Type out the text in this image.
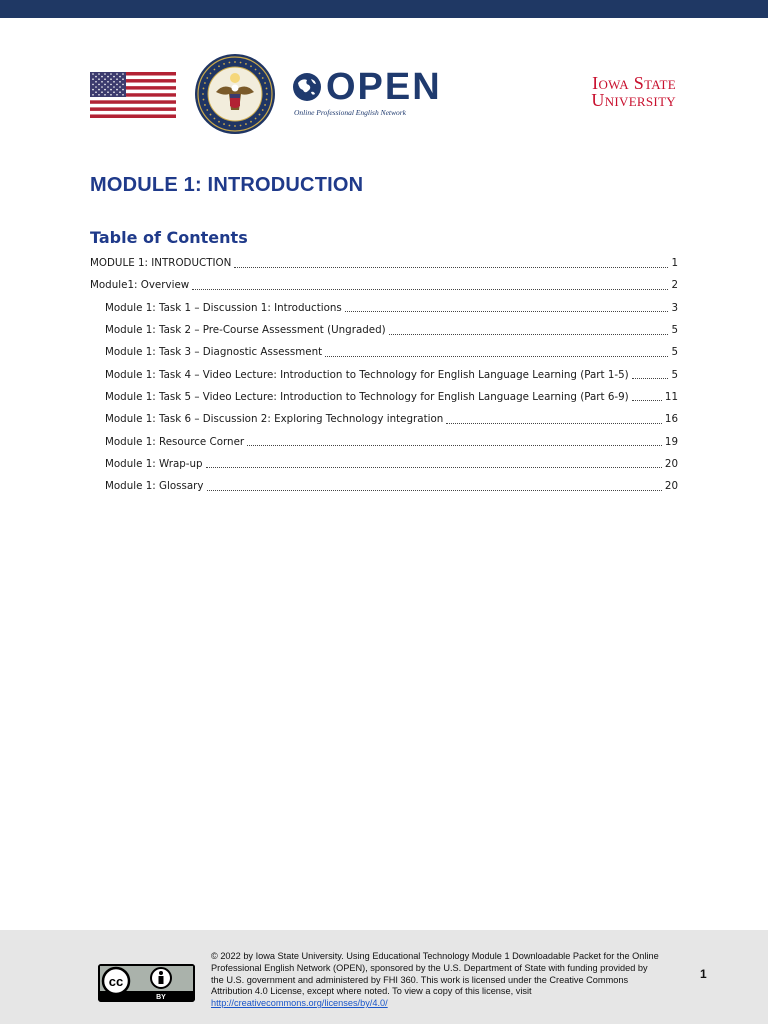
OPEN
Online Professional English Network
Iowa State
University
MODULE 1: INTRODUCTION
Table of Contents
MODULE 1: INTRODUCTION	1
Module1: Overview	2
Module 1: Task 1 – Discussion 1: Introductions	3
Module 1: Task 2 – Pre-Course Assessment (Ungraded)	5
Module 1: Task 3 – Diagnostic Assessment	5
Module 1: Task 4 – Video Lecture: Introduction to Technology for English Language Learning (Part 1-5)	5
Module 1: Task 5 – Video Lecture: Introduction to Technology for English Language Learning (Part 6-9)	11
Module 1: Task 6 – Discussion 2: Exploring Technology integration	16
Module 1: Resource Corner	19
Module 1: Wrap-up	20
Module 1: Glossary	20
cc
BY
© 2022 by Iowa State University. Using Educational Technology Module 1 Downloadable Packet for the Online Professional English Network (OPEN), sponsored by the U.S. Department of State with funding provided by the U.S. government and administered by FHI 360. This work is licensed under the Creative Commons Attribution 4.0 License, except where noted. To view a copy of this license, visit http://creativecommons.org/licenses/by/4.0/
1
